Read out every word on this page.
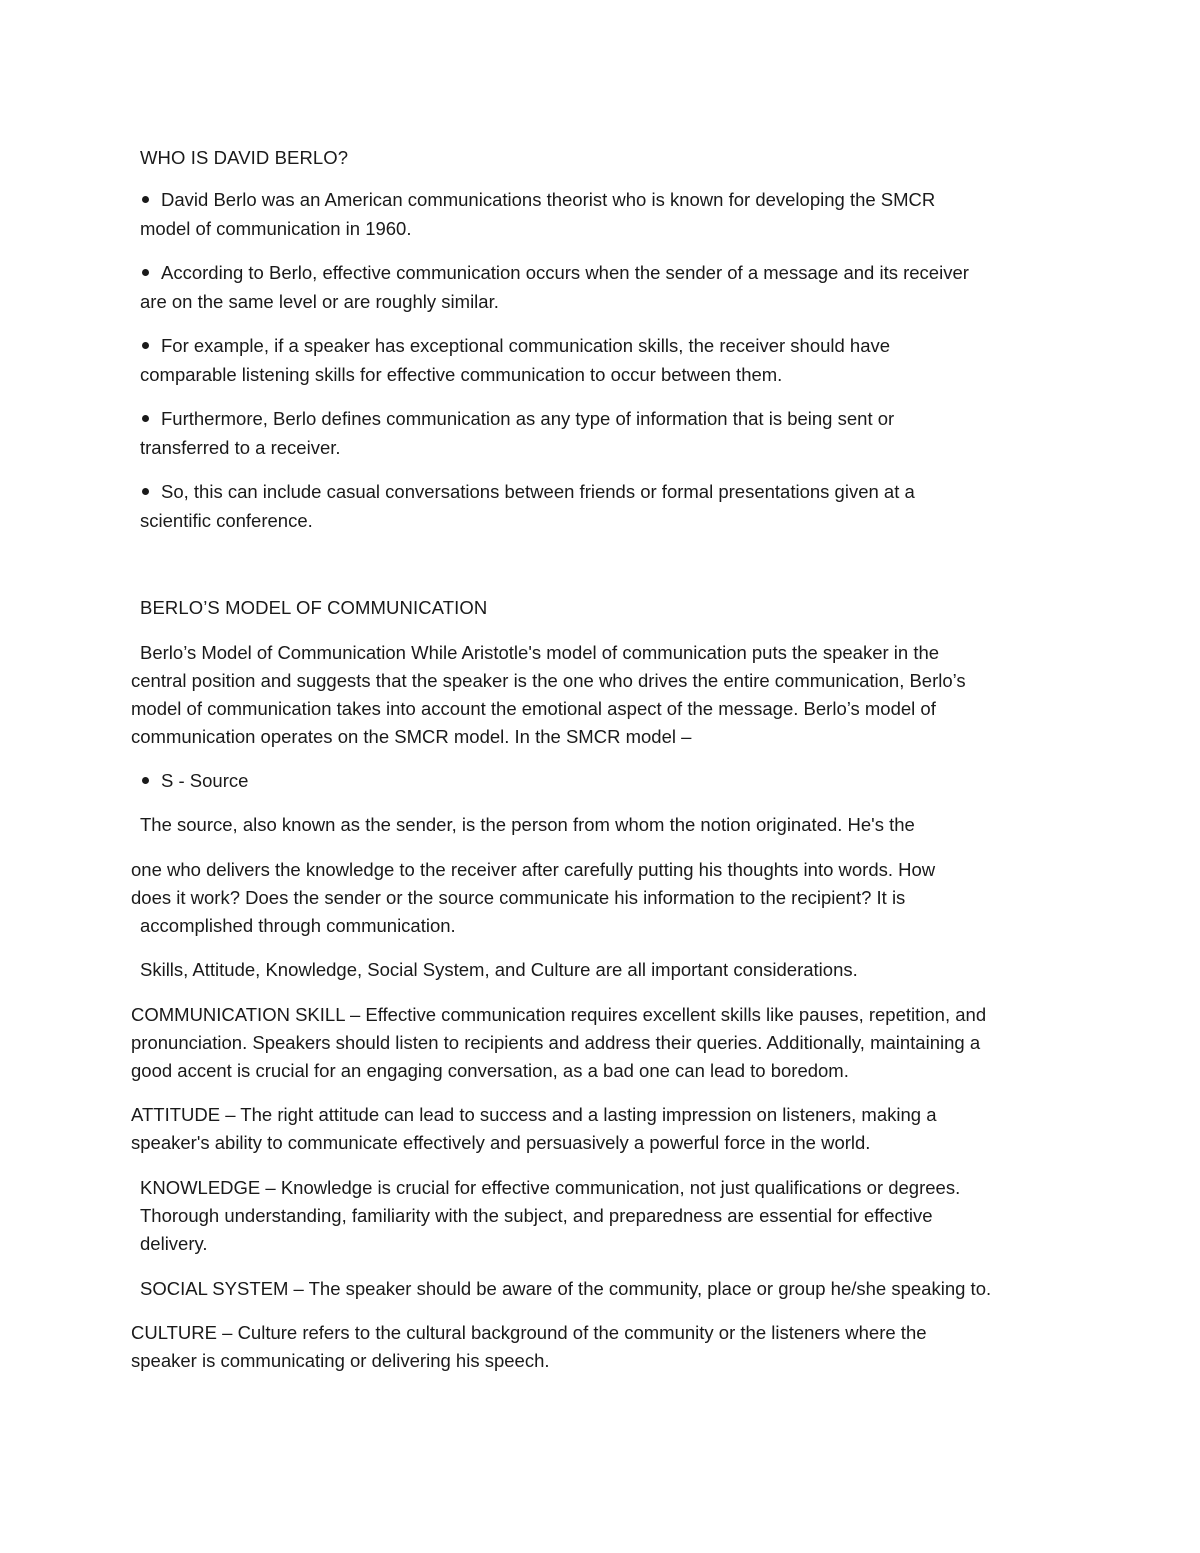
WHO IS DAVID BERLO?

David Berlo was an American communications theorist who is known for developing the SMCR

model of communication in 1960.

According to Berlo, effective communication occurs when the sender of a message and its receiver

are on the same level or are roughly similar.

For example, if a speaker has exceptional communication skills, the receiver should have

comparable listening skills for effective communication to occur between them.

Furthermore, Berlo defines communication as any type of information that is being sent or

transferred to a receiver.

So, this can include casual conversations between friends or formal presentations given at a

scientific conference.

BERLO’S MODEL OF COMMUNICATION

Berlo’s Model of Communication While Aristotle's model of communication puts the speaker in the

central position and suggests that the speaker is the one who drives the entire communication, Berlo’s

model of communication takes into account the emotional aspect of the message. Berlo’s model of

communication operates on the SMCR model. In the SMCR model –

S - Source

The source, also known as the sender, is the person from whom the notion originated. He's the

one who delivers the knowledge to the receiver after carefully putting his thoughts into words. How

does it work? Does the sender or the source communicate his information to the recipient? It is

accomplished through communication.

Skills, Attitude, Knowledge, Social System, and Culture are all important considerations.

COMMUNICATION SKILL – Effective communication requires excellent skills like pauses, repetition, and

pronunciation. Speakers should listen to recipients and address their queries. Additionally, maintaining a

good accent is crucial for an engaging conversation, as a bad one can lead to boredom.

ATTITUDE – The right attitude can lead to success and a lasting impression on listeners, making a

speaker's ability to communicate effectively and persuasively a powerful force in the world.

KNOWLEDGE – Knowledge is crucial for effective communication, not just qualifications or degrees.

Thorough understanding, familiarity with the subject, and preparedness are essential for effective

delivery.

SOCIAL SYSTEM – The speaker should be aware of the community, place or group he/she speaking to.

CULTURE – Culture refers to the cultural background of the community or the listeners where the

speaker is communicating or delivering his speech.
